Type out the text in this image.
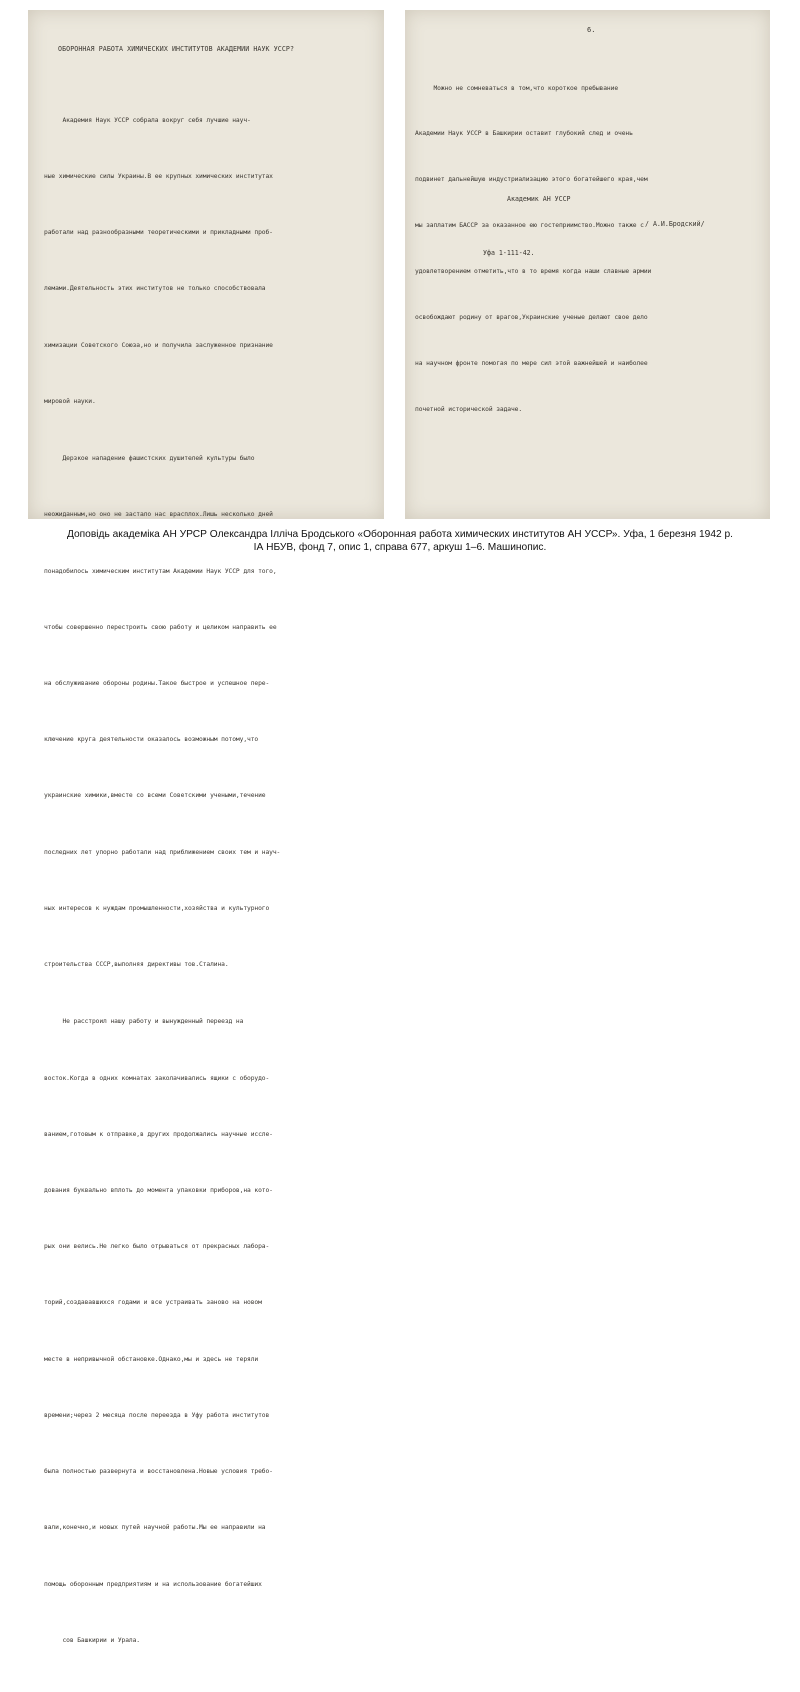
ОБОРОННАЯ РАБОТА ХИМИЧЕСКИХ ИНСТИТУТОВ АКАДЕМИИ НАУК УССР?

Академия Наук УССР собрала вокруг себя лучшие науч-

ные химические силы Украины.В ее крупных химических институтах

работали над разнообразными теоретическими и прикладными проб-

лемами.Деятельность этих институтов не только способствовала

химизации Советского Союза,но и получила заслуженное признание

мировой науки.

Дерзкое нападение фашистских душителей культуры было

неожиданным,но оно не застало нас врасплох.Лишь несколько дней

понадобилось химическим институтам Академии Наук УССР для того,

чтобы совершенно перестроить свою работу и целиком направить ее

на обслуживание обороны родины.Такое быстрое и успешное пере-

ключение круга деятельности оказалось возможным потому,что

украинские химики,вместе со всеми Советскими учеными,течение

последних лет упорно работали над приближением своих тем и науч-

ных интересов к нуждам промышленности,хозяйства и культурного

строительства СССР,выполняя директивы тов.Сталина.

Не расстроил нашу работу и вынужденный переезд на

восток.Когда в одних комнатах заколачивались ящики с оборудо-

ванием,готовым к отправке,в других продолжались научные иссле-

дования буквально вплоть до момента упаковки приборов,на кото-

рых они велись.Не легко было отрываться от прекрасных лабора-

торий,создававшихся годами и все устраивать заново на новом

месте в непривычной обстановке.Однако,мы и здесь не теряли

времени;через 2 месяца после переезда в Уфу работа институтов

была полностью развернута и восстановлена.Новые условия требо-

вали,конечно,и новых путей научной работы.Мы ее направили на

помощь оборонным предприятиям и на использование богатейших

сов Башкирии и Урала.

6.

Можно не сомневаться в том,что короткое пребывание

Академии Наук УССР в Башкирии оставит глубокий след и очень

подвинет дальнейшую индустриализацию этого богатейшего края,чем

мы заплатим БАССР за оказанное ею гостеприимство.Можно также с

удовлетворением отметить,что в то время когда наши славные армии

освобождают родину от врагов,Украинские ученые делают свое дело

на научном фронте помогая по мере сил этой важнейшей и наиболее

почетной исторической задаче.

Академик АН УССР
/ А.И.Бродский/
Уфа 1-111-42.
Доповідь академіка АН УРСР Олександра Ілліча Бродського «Оборонная работа химических институтов АН УССР». Уфа, 1 березня 1942 р.
ІА НБУВ, фонд 7, опис 1, справа 677, аркуш 1–6. Машинопис.
